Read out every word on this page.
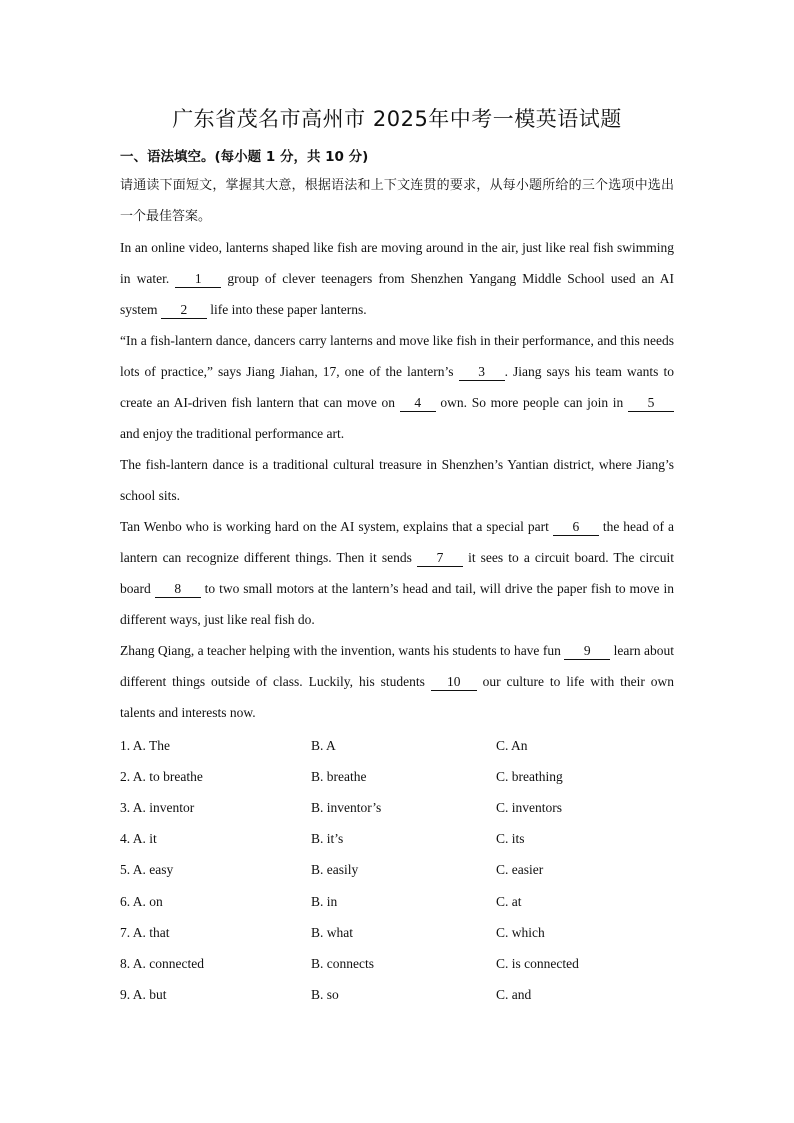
广东省茂名市高州市 2025年中考一模英语试题
一、语法填空。(每小题 1 分，共 10 分)

请通读下面短文，掌握其大意，根据语法和上下文连贯的要求，从每小题所给的三个选项中选出一个最佳答案。

In an online video, lanterns shaped like fish are moving around in the air, just like real fish swimming in water. 1 group of clever teenagers from Shenzhen Yangang Middle School used an AI system 2 life into these paper lanterns.

“In a fish-lantern dance, dancers carry lanterns and move like fish in their performance, and this needs lots of practice,” says Jiang Jiahan, 17, one of the lantern’s 3 . Jiang says his team wants to create an AI-driven fish lantern that can move on 4 own. So more people can join in 5 and enjoy the traditional performance art.

The fish-lantern dance is a traditional cultural treasure in Shenzhen’s Yantian district, where Jiang’s school sits.

Tan Wenbo who is working hard on the AI system, explains that a special part 6 the head of a lantern can recognize different things. Then it sends 7 it sees to a circuit board. The circuit board 8 to two small motors at the lantern’s head and tail, will drive the paper fish to move in different ways, just like real fish do.

Zhang Qiang, a teacher helping with the invention, wants his students to have fun 9 learn about different things outside of class. Luckily, his students 10 our culture to life with their own talents and interests now.

1. A. The	B. A	C. An
2. A. to breathe	B. breathe	C. breathing
3. A. inventor	B. inventor’s	C. inventors
4. A. it	B. it’s	C. its
5. A. easy	B. easily	C. easier
6. A. on	B. in	C. at
7. A. that	B. what	C. which
8. A. connected	B. connects	C. is connected
9. A. but	B. so	C. and
